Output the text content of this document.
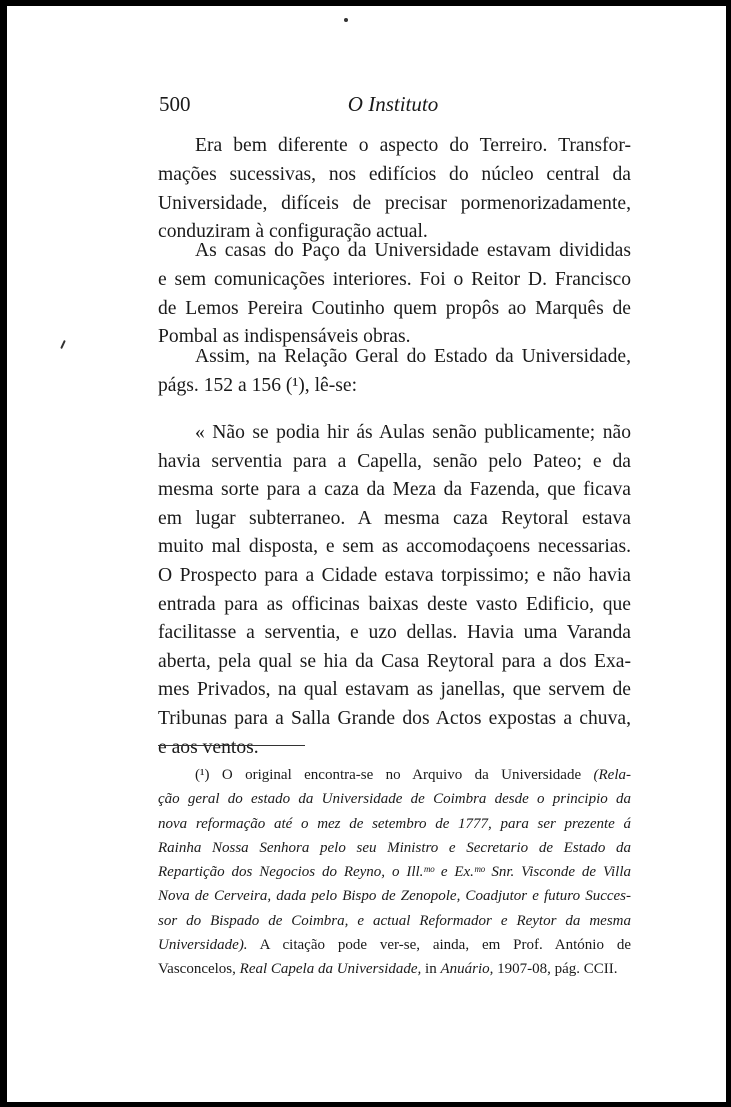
500	O Instituto

Era bem diferente o aspecto do Terreiro. Transfor-
mações sucessivas, nos edifícios do núcleo central da
Universidade, difíceis de precisar pormenorizadamente,
conduziram à configuração actual.

As casas do Paço da Universidade estavam divididas
e sem comunicações interiores. Foi o Reitor D. Francisco
de Lemos Pereira Coutinho quem propôs ao Marquês de
Pombal as indispensáveis obras.

Assim, na Relação Geral do Estado da Universidade,
págs. 152 a 156 (¹), lê-se:

« Não se podia hir ás Aulas senão publicamente; não
havia serventia para a Capella, senão pelo Pateo; e da
mesma sorte para a caza da Meza da Fazenda, que ficava
em lugar subterraneo. A mesma caza Reytoral estava
muito mal disposta, e sem as accomodaçoens necessarias.
O Prospecto para a Cidade estava torpissimo; e não havia
entrada para as officinas baixas deste vasto Edificio, que
facilitasse a serventia, e uzo dellas. Havia uma Varanda
aberta, pela qual se hia da Casa Reytoral para a dos Exa-
mes Privados, na qual estavam as janellas, que servem de
Tribunas para a Salla Grande dos Actos expostas a chuva,
e aos ventos.

(¹) O original encontra-se no Arquivo da Universidade (Rela-
ção geral do estado da Universidade de Coimbra desde o principio da
nova reformação até o mez de setembro de 1777, para ser prezente á
Rainha Nossa Senhora pelo seu Ministro e Secretario de Estado da
Repartição dos Negocios do Reyno, o Ill.ᵐᵒ e Ex.ᵐᵒ Snr. Visconde de Villa
Nova de Cerveira, dada pelo Bispo de Zenopole, Coadjutor e futuro Succes-
sor do Bispado de Coimbra, e actual Reformador e Reytor da mesma
Universidade). A citação pode ver-se, ainda, em Prof. António de
Vasconcelos, Real Capela da Universidade, in Anuário, 1907-08, pág. CCII.
